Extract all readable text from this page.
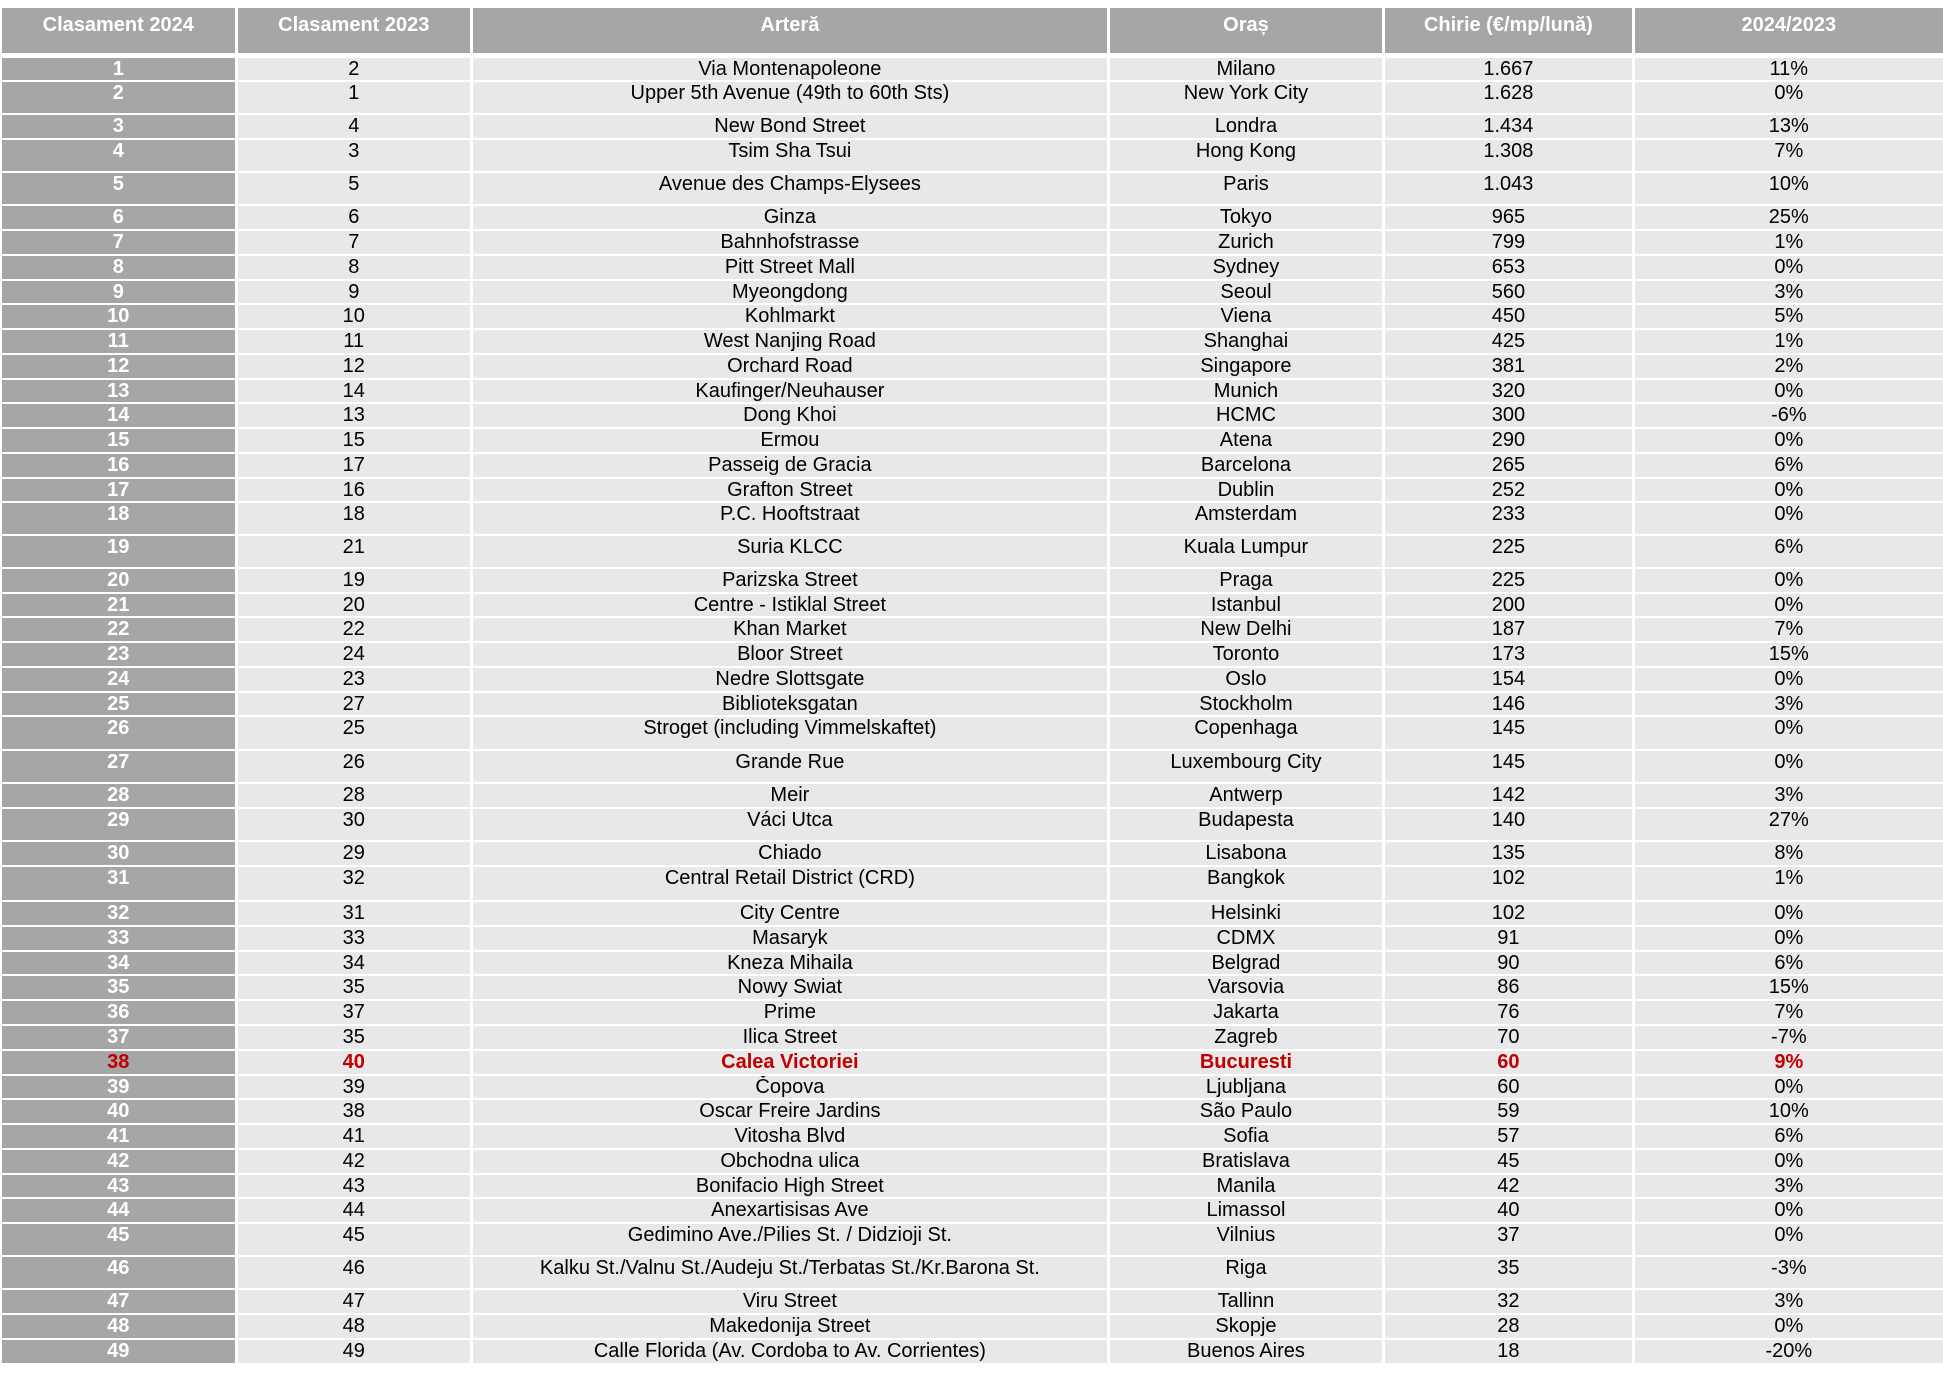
Clasament 2024	Clasament 2023	Arteră	Oraș	Chirie (€/mp/lună)	2024/2023
1	2	Via Montenapoleone	Milano	1.667	11%
2	1	Upper 5th Avenue (49th to 60th Sts)	New York City	1.628	0%
3	4	New Bond Street	Londra	1.434	13%
4	3	Tsim Sha Tsui	Hong Kong	1.308	7%
5	5	Avenue des Champs-Elysees	Paris	1.043	10%
6	6	Ginza	Tokyo	965	25%
7	7	Bahnhofstrasse	Zurich	799	1%
8	8	Pitt Street Mall	Sydney	653	0%
9	9	Myeongdong	Seoul	560	3%
10	10	Kohlmarkt	Viena	450	5%
11	11	West Nanjing Road	Shanghai	425	1%
12	12	Orchard Road	Singapore	381	2%
13	14	Kaufinger/Neuhauser	Munich	320	0%
14	13	Dong Khoi	HCMC	300	-6%
15	15	Ermou	Atena	290	0%
16	17	Passeig de Gracia	Barcelona	265	6%
17	16	Grafton Street	Dublin	252	0%
18	18	P.C. Hooftstraat	Amsterdam	233	0%
19	21	Suria KLCC	Kuala Lumpur	225	6%
20	19	Parizska Street	Praga	225	0%
21	20	Centre - Istiklal Street	Istanbul	200	0%
22	22	Khan Market	New Delhi	187	7%
23	24	Bloor Street	Toronto	173	15%
24	23	Nedre Slottsgate	Oslo	154	0%
25	27	Biblioteksgatan	Stockholm	146	3%
26	25	Stroget (including Vimmelskaftet)	Copenhaga	145	0%
27	26	Grande Rue	Luxembourg City	145	0%
28	28	Meir	Antwerp	142	3%
29	30	Váci Utca	Budapesta	140	27%
30	29	Chiado	Lisabona	135	8%
31	32	Central Retail District (CRD)	Bangkok	102	1%
32	31	City Centre	Helsinki	102	0%
33	33	Masaryk	CDMX	91	0%
34	34	Kneza Mihaila	Belgrad	90	6%
35	35	Nowy Swiat	Varsovia	86	15%
36	37	Prime	Jakarta	76	7%
37	35	Ilica Street	Zagreb	70	-7%
38	40	Calea Victoriei	Bucuresti	60	9%
39	39	Čopova	Ljubljana	60	0%
40	38	Oscar Freire Jardins	São Paulo	59	10%
41	41	Vitosha Blvd	Sofia	57	6%
42	42	Obchodna ulica	Bratislava	45	0%
43	43	Bonifacio High Street	Manila	42	3%
44	44	Anexartisisas Ave	Limassol	40	0%
45	45	Gedimino Ave./Pilies St. / Didzioji St.	Vilnius	37	0%
46	46	Kalku St./Valnu St./Audeju St./Terbatas St./Kr.Barona St.	Riga	35	-3%
47	47	Viru Street	Tallinn	32	3%
48	48	Makedonija Street	Skopje	28	0%
49	49	Calle Florida (Av. Cordoba to Av. Corrientes)	Buenos Aires	18	-20%
